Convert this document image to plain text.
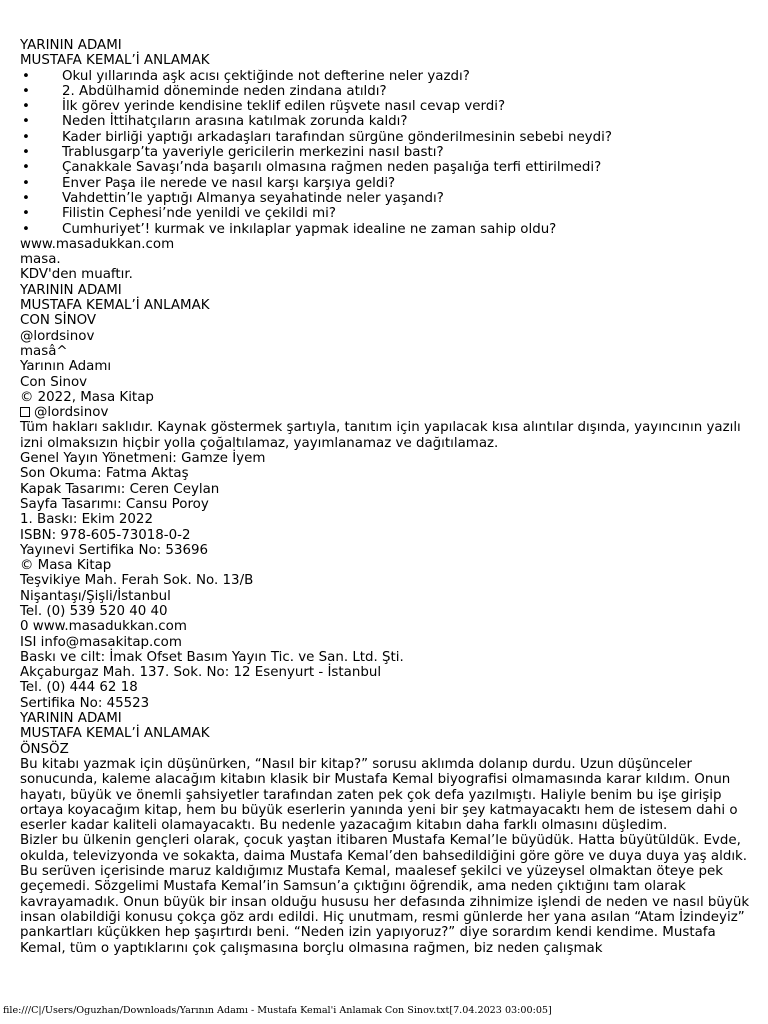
YARININ ADAMI
MUSTAFA KEMAL’İ ANLAMAK
• Okul yıllarında aşk acısı çektiğinde not defterine neler yazdı?
• 2. Abdülhamid döneminde neden zindana atıldı?
• İlk görev yerinde kendisine teklif edilen rüşvete nasıl cevap verdi?
• Neden İttihatçıların arasına katılmak zorunda kaldı?
• Kader birliği yaptığı arkadaşları tarafından sürgüne gönderilmesinin sebebi neydi?
• Trablusgarp’ta yaveriyle gericilerin merkezini nasıl bastı?
• Çanakkale Savaşı’nda başarılı olmasına rağmen neden paşalığa terfi ettirilmedi?
• Enver Paşa ile nerede ve nasıl karşı karşıya geldi?
• Vahdettin’le yaptığı Almanya seyahatinde neler yaşandı?
• Filistin Cephesi’nde yenildi ve çekildi mi?
• Cumhuriyet’! kurmak ve inkılaplar yapmak idealine ne zaman sahip oldu?
www.masadukkan.com
masa.
KDV'den muaftır.
YARININ ADAMI
MUSTAFA KEMAL’İ ANLAMAK
CON SİNOV
@lordsinov
masâ^
Yarının Adamı
Con Sinov
© 2022, Masa Kitap
@lordsinov
Tüm hakları saklıdır. Kaynak göstermek şartıyla, tanıtım için yapılacak kısa alıntılar dışında, yayıncının yazılı izni olmaksızın hiçbir yolla çoğaltılamaz, yayımlanamaz ve dağıtılamaz.
Genel Yayın Yönetmeni: Gamze İyem
Son Okuma: Fatma Aktaş
Kapak Tasarımı: Ceren Ceylan
Sayfa Tasarımı: Cansu Poroy
1. Baskı: Ekim 2022
ISBN: 978-605-73018-0-2
Yayınevi Sertifika No: 53696
© Masa Kitap
Teşvikiye Mah. Ferah Sok. No. 13/B
Nişantaşı/Şişli/İstanbul
Tel. (0) 539 520 40 40
0 www.masadukkan.com
ISI info@masakitap.com
Baskı ve cilt: İmak Ofset Basım Yayın Tic. ve San. Ltd. Şti.
Akçaburgaz Mah. 137. Sok. No: 12 Esenyurt - İstanbul
Tel. (0) 444 62 18
Sertifika No: 45523
YARININ ADAMI
MUSTAFA KEMAL’İ ANLAMAK
ÖNSÖZ
Bu kitabı yazmak için düşünürken, “Nasıl bir kitap?” sorusu aklımda dolanıp durdu. Uzun düşünceler sonucunda, kaleme alacağım kitabın klasik bir Mustafa Kemal biyografisi olmamasında karar kıldım. Onun hayatı, büyük ve önemli şahsiyetler tarafından zaten pek çok defa yazılmıştı. Haliyle benim bu işe girişip ortaya koyacağım kitap, hem bu büyük eserlerin yanında yeni bir şey katmayacaktı hem de istesem dahi o eserler kadar kaliteli olamayacaktı. Bu nedenle yazacağım kitabın daha farklı olmasını düşledim.
Bizler bu ülkenin gençleri olarak, çocuk yaştan itibaren Mustafa Kemal’le büyüdük. Hatta büyütüldük. Evde, okulda, televizyonda ve sokakta, daima Mustafa Kemal’den bahsedildiğini göre göre ve duya duya yaş aldık. Bu serüven içerisinde maruz kaldığımız Mustafa Kemal, maalesef şekilci ve yüzeysel olmaktan öteye pek geçemedi. Sözgelimi Mustafa Kemal’in Samsun’a çıktığını öğrendik, ama neden çıktığını tam olarak kavrayamadık. Onun büyük bir insan olduğu hususu her defasında zihnimize işlendi de neden ve nasıl büyük insan olabildiği konusu çokça göz ardı edildi. Hiç unutmam, resmi günlerde her yana asılan “Atam İzindeyiz” pankartları küçükken hep şaşırtırdı beni. “Neden izin yapıyoruz?” diye sorardım kendi kendime. Mustafa Kemal, tüm o yaptıklarını çok çalışmasına borçlu olmasına rağmen, biz neden çalışmak
file:///C|/Users/Oguzhan/Downloads/Yarının Adamı - Mustafa Kemal'i Anlamak Con Sinov.txt[7.04.2023 03:00:05]
